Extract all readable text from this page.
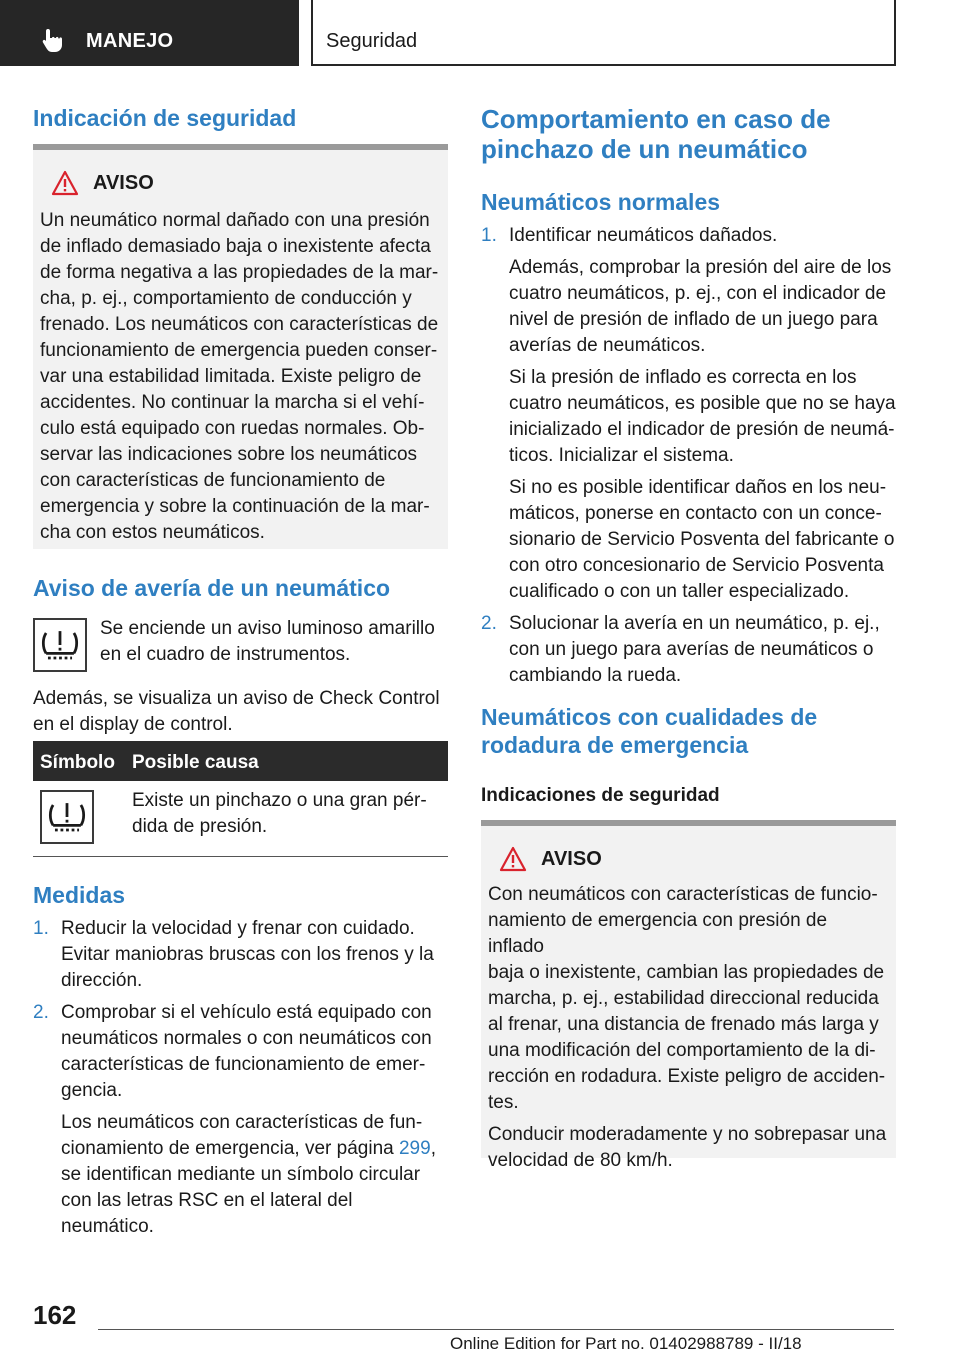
MANEJO	Seguridad
Indicación de seguridad
AVISO
Un neumático normal dañado con una presión
de inflado demasiado baja o inexistente afecta
de forma negativa a las propiedades de la mar-
cha, p. ej., comportamiento de conducción y
frenado. Los neumáticos con características de
funcionamiento de emergencia pueden conser-
var una estabilidad limitada. Existe peligro de
accidentes. No continuar la marcha si el vehí-
culo está equipado con ruedas normales. Ob-
servar las indicaciones sobre los neumáticos
con características de funcionamiento de
emergencia y sobre la continuación de la mar-
cha con estos neumáticos.
Aviso de avería de un neumático
Se enciende un aviso luminoso amarillo
en el cuadro de instrumentos.
Además, se visualiza un aviso de Check Control
en el display de control.
Símbolo Posible causa
Existe un pinchazo o una gran pér-
dida de presión.
Medidas
1. Reducir la velocidad y frenar con cuidado.
Evitar maniobras bruscas con los frenos y la
dirección.

2. Comprobar si el vehículo está equipado con
neumáticos normales o con neumáticos con
características de funcionamiento de emer-
gencia.

Los neumáticos con características de fun-
cionamiento de emergencia, ver página 299,
se identifican mediante un símbolo circular
con las letras RSC en el lateral del neumático.

Comportamiento en caso de
pinchazo de un neumático
Neumáticos normales
1. Identificar neumáticos dañados.

Además, comprobar la presión del aire de los
cuatro neumáticos, p. ej., con el indicador de
nivel de presión de inflado de un juego para
averías de neumáticos.

Si la presión de inflado es correcta en los
cuatro neumáticos, es posible que no se haya
inicializado el indicador de presión de neumá-
ticos. Inicializar el sistema.

Si no es posible identificar daños en los neu-
máticos, ponerse en contacto con un conce-
sionario de Servicio Posventa del fabricante o
con otro concesionario de Servicio Posventa
cualificado o con un taller especializado.

2. Solucionar la avería en un neumático, p. ej.,
con un juego para averías de neumáticos o
cambiando la rueda.

Neumáticos con cualidades de
rodadura de emergencia
Indicaciones de seguridad
AVISO
Con neumáticos con características de funcio-
namiento de emergencia con presión de inflado
baja o inexistente, cambian las propiedades de
marcha, p. ej., estabilidad direccional reducida
al frenar, una distancia de frenado más larga y
una modificación del comportamiento de la di-
rección en rodadura. Existe peligro de acciden-
tes.
Conducir moderadamente y no sobrepasar una
velocidad de 80 km/h.
162
Online Edition for Part no. 01402988789 - II/18
